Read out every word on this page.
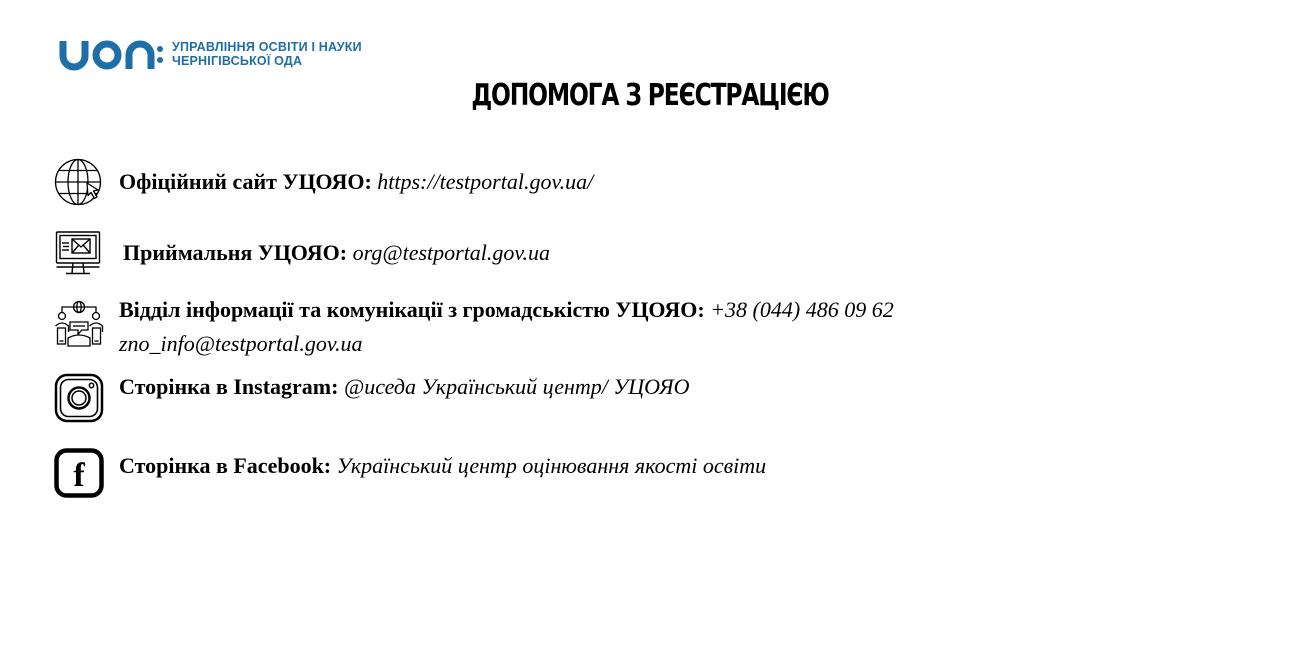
УПРАВЛІННЯ ОСВІТИ І НАУКИ
ЧЕРНІГІВСЬКОЇ ОДА
ДОПОМОГА З РЕЄСТРАЦІЄЮ
Офіційний сайт УЦОЯО: https://testportal.gov.ua/
Приймальня УЦОЯО: org@testportal.gov.ua
Відділ інформації та комунікації з громадськістю УЦОЯО: +38 (044) 486 09 62
zno_info@testportal.gov.ua
Сторінка в Instagram: @uседа Український центр/ УЦОЯО
f Сторінка в Facebook: Український центр оцінювання якості освіти
